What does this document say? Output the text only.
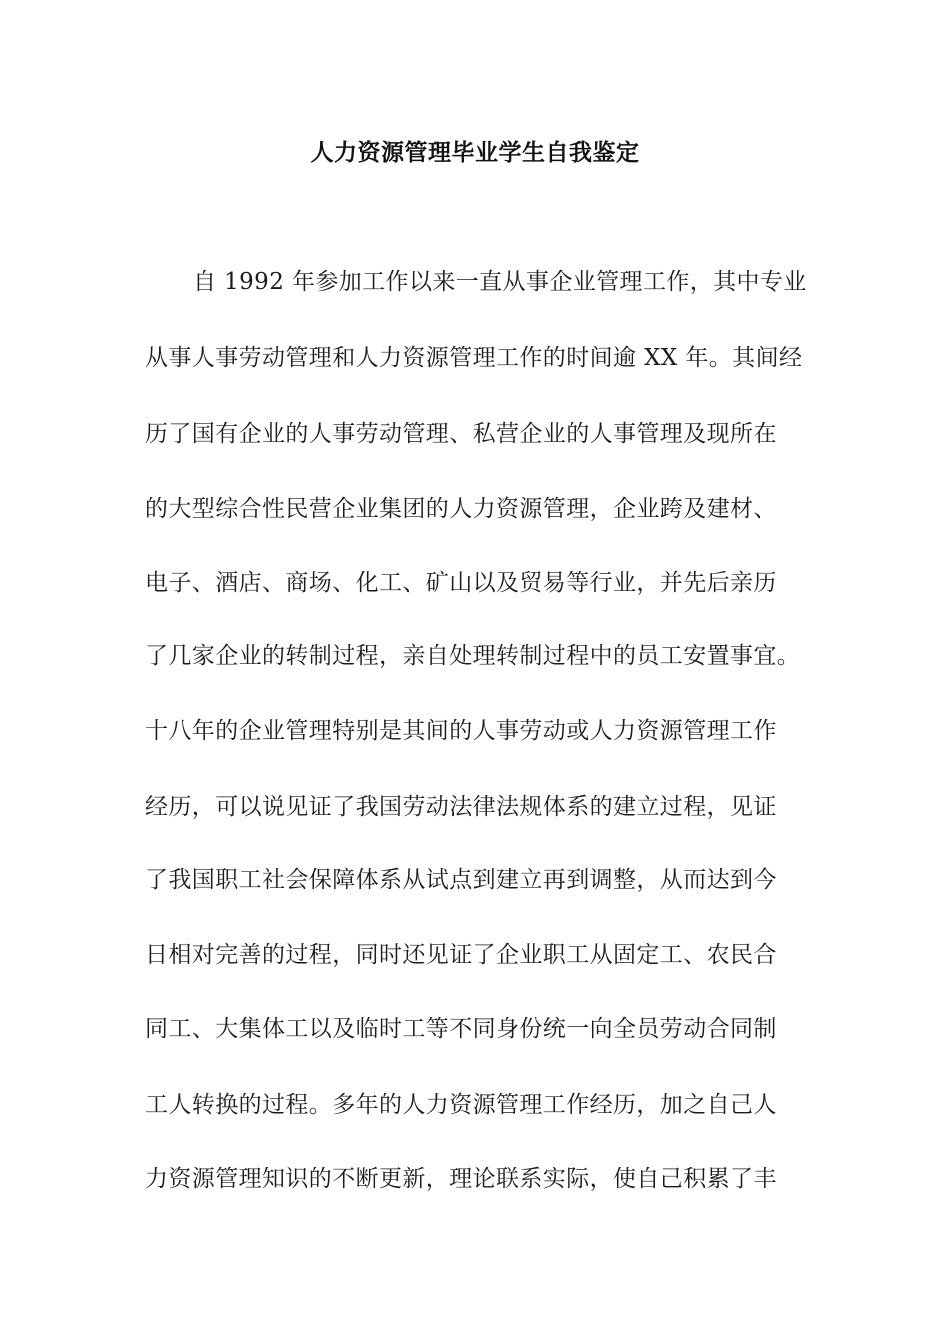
人力资源管理毕业学生自我鉴定
自 1992 年参加工作以来一直从事企业管理工作，其中专业
从事人事劳动管理和人力资源管理工作的时间逾 XX 年。其间经
历了国有企业的人事劳动管理、私营企业的人事管理及现所在
的大型综合性民营企业集团的人力资源管理，企业跨及建材、
电子、酒店、商场、化工、矿山以及贸易等行业，并先后亲历
了几家企业的转制过程，亲自处理转制过程中的员工安置事宜。
十八年的企业管理特别是其间的人事劳动或人力资源管理工作
经历，可以说见证了我国劳动法律法规体系的建立过程，见证
了我国职工社会保障体系从试点到建立再到调整，从而达到今
日相对完善的过程，同时还见证了企业职工从固定工、农民合
同工、大集体工以及临时工等不同身份统一向全员劳动合同制
工人转换的过程。多年的人力资源管理工作经历，加之自己人
力资源管理知识的不断更新，理论联系实际，使自己积累了丰
